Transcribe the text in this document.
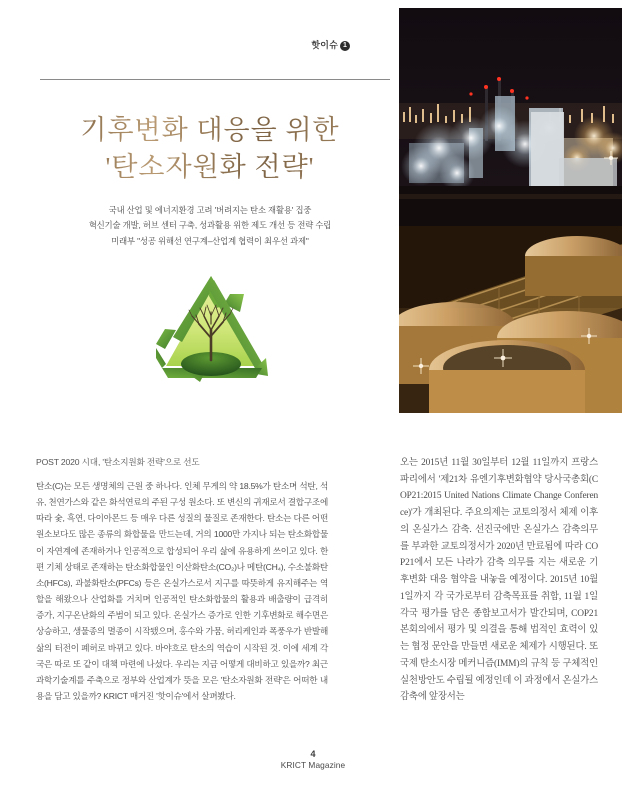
핫이슈 1
기후변화 대응을 위한
'탄소자원화 전략'
국내 산업 및 에너지환경 고려 '버려지는 탄소 재활용' 집중
혁신기술 개발, 허브 센터 구축, 성과활용 위한 제도 개선 등 전략 수립
미래부 "성공 위해선 연구계–산업계 협력이 최우선 과제"
POST 2020 시대, '탄소지원화 전략'으로 선도
탄소(C)는 모든 생명체의 근원 중 하나다. 인체 무게의 약 18.5%가 탄소며 석탄, 석유, 천연가스와 같은 화석연료의 주된 구성 원소다. 또 변신의 귀재로서 결합구조에 따라 숯, 흑연, 다이아몬드 등 매우 다른 성질의 물질로 존재한다. 탄소는 다른 어떤 원소보다도 많은 종류의 화합물을 만드는데, 거의 1000만 가지나 되는 탄소화합물이 자연계에 존재하거나 인공적으로 합성되어 우리 삶에 유용하게 쓰이고 있다. 한편 기체 상태로 존재하는 탄소화합물인 이산화탄소(CO₂)나 메탄(CH₄), 수소불화탄소(HFCs), 과불화탄소(PFCs) 등은 온실가스로서 지구를 따뜻하게 유지해주는 역할을 해왔으나 산업화를 거치며 인공적인 탄소화합물의 활용과 배출량이 급격히 증가, 지구온난화의 주범이 되고 있다. 온실가스 증가로 인한 기후변화로 해수면은 상승하고, 생물종의 멸종이 시작됐으며, 홍수와 가뭄, 허리케인과 폭풍우가 반발해 삶의 터전이 폐허로 바뀌고 있다. 바야흐로 탄소의 역습이 시작된 것. 이에 세계 각국은 따로 또 같이 대책 마련에 나섰다. 우리는 지금 어떻게 대비하고 있을까? 최근 과학기술계를 주축으로 정부와 산업계가 뜻을 모은 '탄소자원화 전략'은 어떠한 내용을 담고 있을까? KRICT 매거진 '핫이슈'에서 살펴봤다.
오는 2015년 11월 30일부터 12월 11일까지 프랑스 파리에서 '제21차 유엔기후변화협약 당사국총회(COP21:2015 United Nations Climate Change Conference)'가 개최된다. 주요의제는 교토의정서 체제 이후의 온실가스 감축. 선진국에만 온실가스 감축의무를 부과한 교토의정서가 2020년 만료됨에 따라 COP21에서 모든 나라가 감축 의무를 지는 새로운 기후변화 대응 협약을 내놓을 예정이다. 2015년 10월 1일까지 각 국가로부터 감축목표를 취합, 11월 1일 각국 평가를 담은 종합보고서가 발간되며, COP21 본회의에서 평가 및 의결을 통해 법적인 효력이 있는 협정 문안을 만들면 새로운 체제가 시행된다. 또 국제 탄소시장 메커니즘(IMM)의 규칙 등 구체적인 실천방안도 수립될 예정인데 이 과정에서 온실가스 감축에 앞장서는
4
KRICT Magazine
